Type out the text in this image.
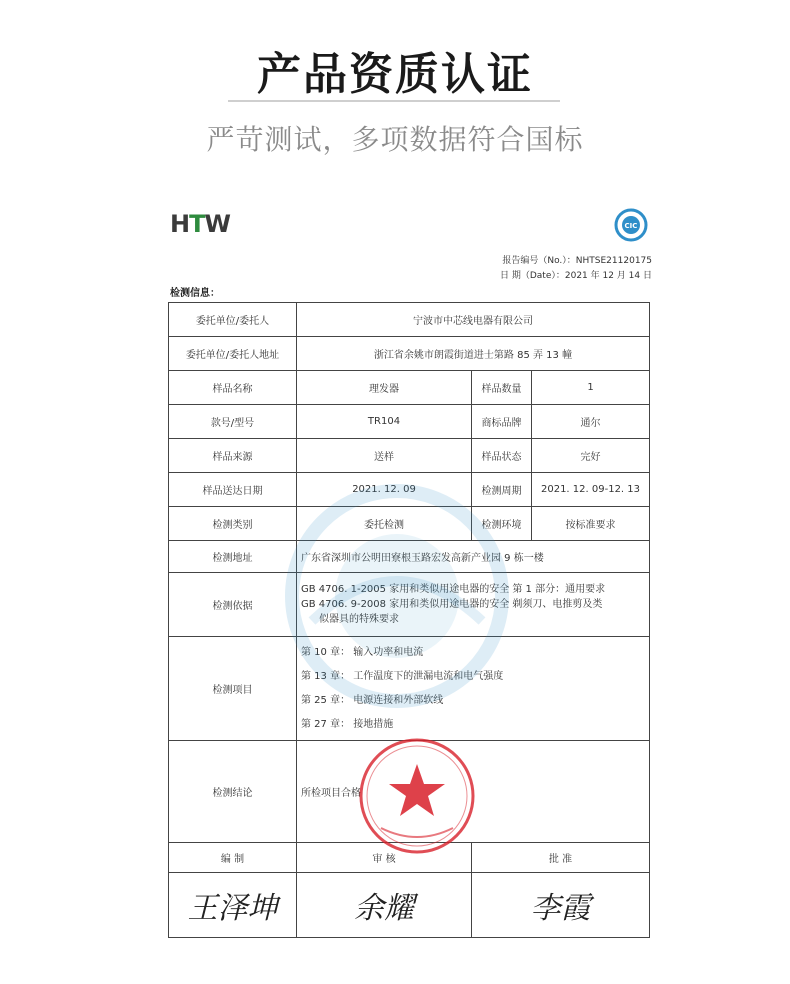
产品资质认证
严苛测试，多项数据符合国标
HTW	CIC
报告编号（No.）：NHTSE21120175
日 期（Date）：2021 年 12 月 14 日
检测信息：
委托单位/委托人	宁波市中芯线电器有限公司		
委托单位/委托人地址	浙江省余姚市朗霞街道进士第路 85 弄 13 幢		
样品名称	理发器	样品数量	1
款号/型号	TR104	商标品牌	通尔
样品来源	送样	样品状态	完好
样品送达日期	2021. 12. 09	检测周期	2021. 12. 09-12. 13
检测类别	委托检测	检测环境	按标准要求
检测地址	广东省深圳市公明田寮根玉路宏发高新产业园 9 栋一楼		
检测依据	GB 4706. 1-2005 家用和类似用途电器的安全 第 1 部分：通用要求
GB 4706. 9-2008 家用和类似用途电器的安全 剃须刀、电推剪及类
似器具的特殊要求		

检测项目	第 10 章： 输入功率和电流
第 13 章： 工作温度下的泄漏电流和电气强度
第 25 章： 电源连接和外部软线
第 27 章： 接地措施		

检测结论	所检项目合格		
编 制	审 核	批 准	
王泽坤	余耀	李霞	
